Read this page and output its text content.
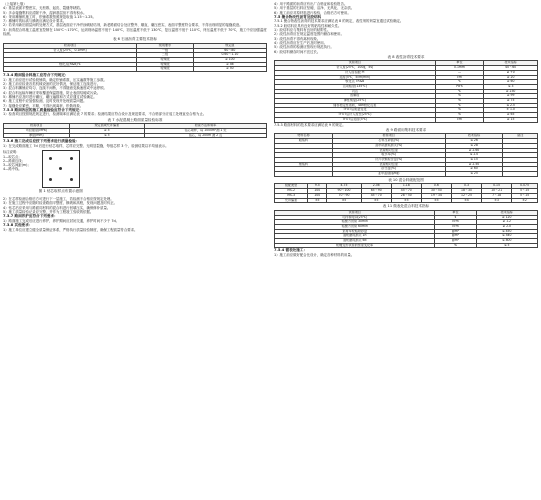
（上接第七版）

4）基层表面平整密实，无松散、起皮、裂缝等缺陷。

5）多余接缝集料应清除干净，湿润基层但不得有积水。

6）采用摊铺机施工时，松铺系数按照规范取值 1.15～1.25。

7）摊铺时的标高与横坡应满足设计要求。

2）若采用新旧面层间的处理方式，基层表面应干净并涂刷粘结剂，新老路面结合处应整齐、顺直，碾压密实，表面平整度符合要求，不得出现明显的接缝痕迹。

3）沥青混合料施工温度宜控制在 150℃～170℃，运到现场温度不低于 140℃，初压温度不低于 130℃，复压温度不低于 110℃，终压温度不低于 70℃，施工中应加强温度检测。

表 6 石油沥青主要技术指标
检查项目	级别要求	规定值
针入度(25℃，0.1mm)	一级	60～80
	二级	0.60～1.10
	特殊级	≥ 100
软化点(R&B)℃	特殊级	≥ 46
	特殊级	≥ 50

7.3.4 路面混合料施工应符合下列规定：

1）施工前应进行试验段铺筑，确定松铺系数、压实遍数等施工参数。

2）施工前应检查各类机械设备的完好情况，保证施工连续进行。

3）混合料摊铺应均匀、连续不间断，不得随意变换速度或中途停顿。

4）混合料运输车辆应采取覆盖保温措施，防止表面结硬或污染。

5）摊铺后应及时进行碾压，碾压遍数和方式应通过试验确定。

6）施工过程中应加强检测，及时发现并处理质量问题。

7）接缝处应紧密、平顺，不得出现离析、松散现象。

7.5.5 路面各层的施工质量检验应符合下列规定：

1）检查项目按照规范规定进行，检测频率应满足表 7 的要求；检测结果应符合设计及规范要求，不合格部分应返工处理直至合格为止。

表 7 水泥混凝土路面质量检验标准
检查项目	规定值或允许偏差	检查方法和频率
弯拉强度(MPa)	≥ 5	钻芯取样，每 1000m²测 1 处
厚度(mm)	≤ 5	钻芯，每 200m 测 2 点

7.3.6 施工完成后应按下列要求进行质量检验：

1）在完成路面施工 7d 后进行钻芯取样，芯样应完整、无明显裂缝，每组芯样 3 个，检测结果以平均值表示。

标注说明：

1—取芯点；

2—路面边线；

3—取芯间距(m)；

4—路中线。

图 1 钻芯取样点布置示意图

2）在芯样检测合格后方可进行下一层施工，若检测不合格应按规定处理。

3）在施工过程中应随时检查路面平整度、横坡和高程，发现问题及时纠正。

4）钻芯后应采用与路面同材料的混合料进行回填压实，确保修补质量。

5）施工质量检验记录应完整，并作为工程竣工验收的依据。

7.3.7 路面养护应符合下列要求：

1）路面施工完成后应进行养护，养护期间应封闭交通，养护时间不少于 7d。

7.3.8 其他要求：

1）施工单位应建立健全质量保证体系，严格执行质量检验制度，确保工程质量符合要求。

4）用于路面的沥青应有出厂合格证和检验报告。

5）用于基层的石料应坚硬、洁净、无风化、无杂质。

6）施工前应对原材料进行检验，合格后方可使用。

7.5 聚合物改性沥青及胶结料

7.5.1 聚合物改性沥青的技术要求应满足表 8 的规定，改性剂的剂量宜通过试验确定。

7.5.2 胶结料应具有良好的粘结性和耐久性。

1）胶结料应与集料有良好的粘附性。

2）改性沥青应在规定温度范围内储存和使用。

3）改性沥青不得有离析现象。

4）改性沥青应在生产后及时使用。

5）改性沥青的检测应按现行规范执行。

6）胶结料储存时间不宜过长。

表 8 改性沥青技术要求
试验项目	单位	技术指标
针入度(25℃，100g，5s)	0.1mm	40～60
针入度指数 PI	—	≥ +0
延度(5℃，5cm/min)	cm	≥ 20
软化点 TR&B	℃	≥ 60
运动粘度(135℃)	Pa·s	≤ 3
闪点	℃	≥ 230
溶解度	%	≥ 99
弹性恢复(25℃)	%	≥ 75
储存稳定性离析，48h软化点差	℃	≤ 2.5
TFOT后质量变化	%	± 1.0
TFOT后针入度比(25℃)	%	≥ 65
TFOT后延度(5℃)	cm	≥ 15

7.5.3 路面材料的技术要求应满足表 9 的规定。

表 9 路面用集料技术要求
材料名称	检验项目	技术指标	备注
粗集料	石料压碎值(%)	≤ 26	
	洛杉矶磨耗损失(%)	≤ 28	
	表观相对密度	≥ 2.60	
	吸水率(%)	≤ 2.0	
	针片状颗粒含量(%)	≤ 15	
细集料	表观相对密度	≥ 2.50	
	砂当量(%)	≥ 60	
	亚甲蓝值(g/kg)	≤ 25	
表 10 混合料级配范围
级配类型	9.5	4.75	2.36	1.18	0.6	0.3	0.15	0.075
MS-2	100	90～100	65～90	45～70	30～50	18～30	10～21	5～15
MS-3	100	70～90	45～70	28～50	19～34	12～25	7～18	5～15
允许偏差	±5	±5	±5	±5	±5	±4	±3	±2
表 11 微表处混合料技术指标
试验项目	单位	技术指标
可拌和时间(25℃)	s	≥ 120
粘聚力试验 30min	N·m	≥ 1.2
粘聚力试验 60min	N·m	≥ 2.0
负荷车轮粘附砂量	g/m²	≤ 450
湿轮磨耗损失 1h	g/m²	≤ 540
湿轮磨耗损失 6d	g/m²	≤ 800
轮辙变形试验的宽度变化率	%	≤ 5

7.5.4 微表处施工：

1）施工前应做好配合比设计，确定各种材料的用量。
